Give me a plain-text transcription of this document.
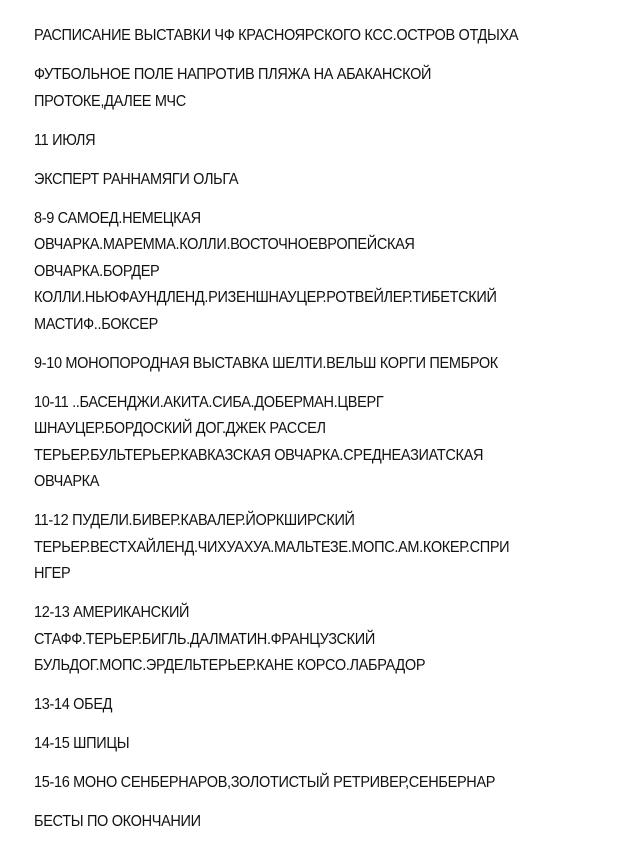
РАСПИСАНИЕ ВЫСТАВКИ ЧФ КРАСНОЯРСКОГО КСС.ОСТРОВ ОТДЫХА

ФУТБОЛЬНОЕ ПОЛЕ НАПРОТИВ ПЛЯЖА НА АБАКАНСКОЙ
ПРОТОКЕ,ДАЛЕЕ МЧС

11 ИЮЛЯ

ЭКСПЕРТ РАННАМЯГИ ОЛЬГА

8-9 САМОЕД.НЕМЕЦКАЯ
ОВЧАРКА.МАРЕММА.КОЛЛИ.ВОСТОЧНОЕВРОПЕЙСКАЯ
ОВЧАРКА.БОРДЕР
КОЛЛИ.НЬЮФАУНДЛЕНД.РИЗЕНШНАУЦЕР.РОТВЕЙЛЕР.ТИБЕТСКИЙ
МАСТИФ..БОКСЕР

9-10 МОНОПОРОДНАЯ ВЫСТАВКА ШЕЛТИ.ВЕЛЬШ КОРГИ ПЕМБРОК

10-11 ..БАСЕНДЖИ.АКИТА.СИБА.ДОБЕРМАН.ЦВЕРГ
ШНАУЦЕР.БОРДОСКИЙ ДОГ.ДЖЕК РАССЕЛ
ТЕРЬЕР.БУЛЬТЕРЬЕР.КАВКАЗСКАЯ ОВЧАРКА.СРЕДНЕАЗИАТСКАЯ
ОВЧАРКА

11-12 ПУДЕЛИ.БИВЕР.КАВАЛЕР.ЙОРКШИРСКИЙ
ТЕРЬЕР.ВЕСТХАЙЛЕНД.ЧИХУАХУА.МАЛЬТЕЗЕ.МОПС.АМ.КОКЕР.СПРИ
НГЕР

12-13 АМЕРИКАНСКИЙ
СТАФФ.ТЕРЬЕР.БИГЛЬ.ДАЛМАТИН.ФРАНЦУЗСКИЙ
БУЛЬДОГ.МОПС.ЭРДЕЛЬТЕРЬЕР.КАНЕ КОРСО.ЛАБРАДОР

13-14 ОБЕД

14-15 ШПИЦЫ

15-16 МОНО СЕНБЕРНАРОВ,ЗОЛОТИСТЫЙ РЕТРИВЕР,СЕНБЕРНАР

БЕСТЫ ПО ОКОНЧАНИИ
